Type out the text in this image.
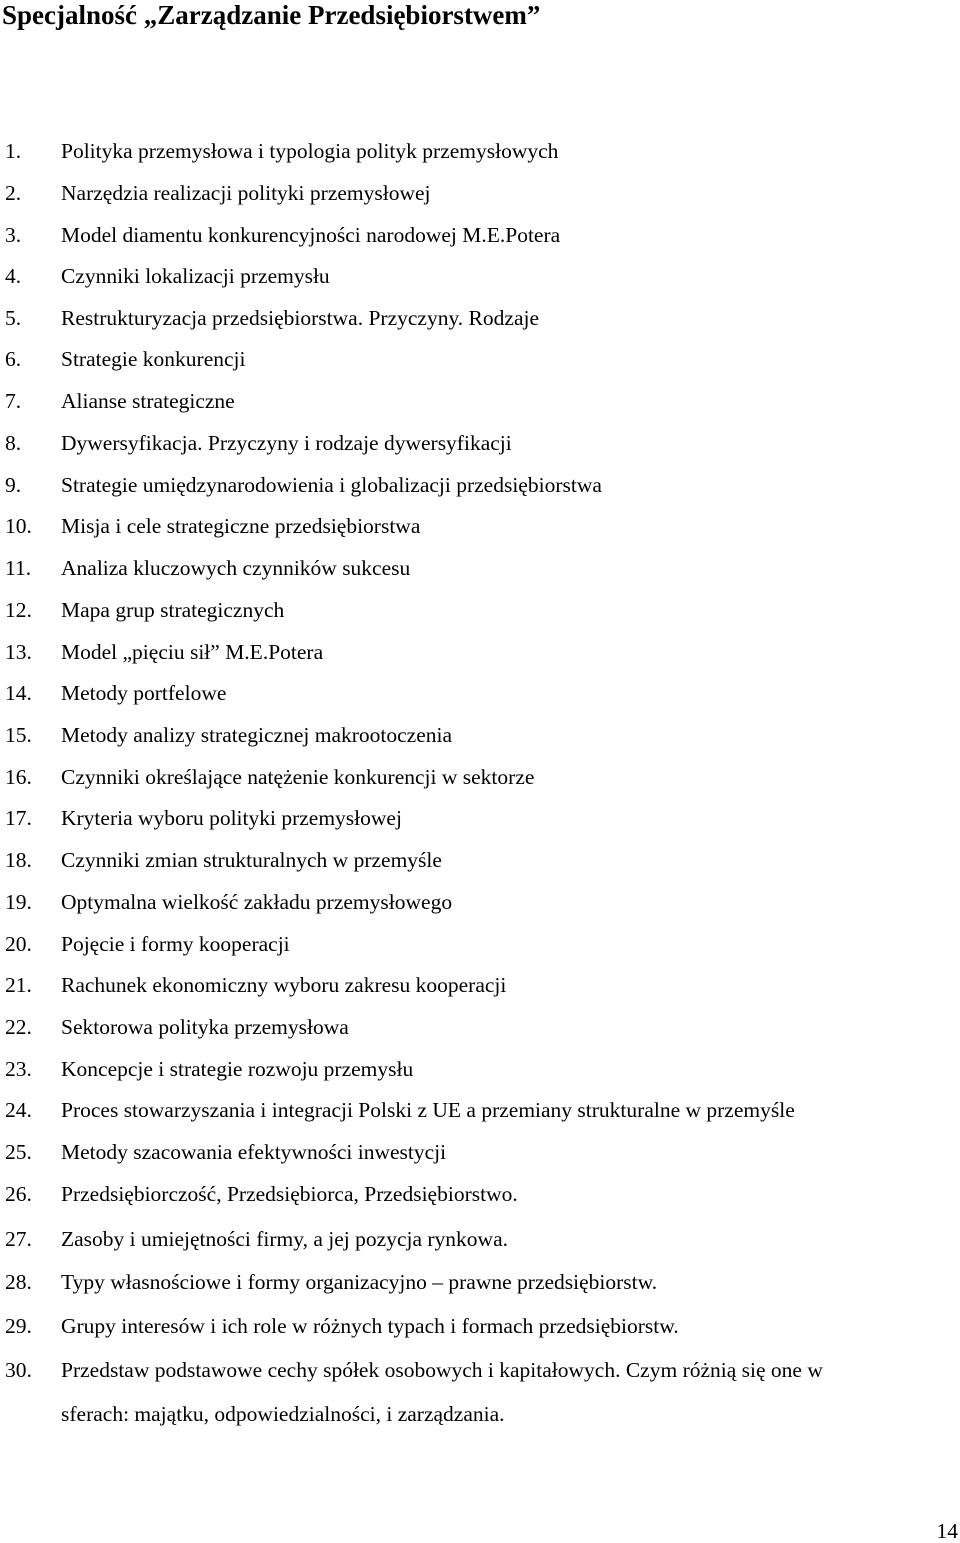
Specjalność „Zarządzanie Przedsiębiorstwem”
1. Polityka przemysłowa i typologia polityk przemysłowych
2. Narzędzia realizacji polityki przemysłowej
3. Model diamentu konkurencyjności narodowej M.E.Potera
4. Czynniki lokalizacji przemysłu
5. Restrukturyzacja przedsiębiorstwa. Przyczyny. Rodzaje
6. Strategie konkurencji
7. Alianse strategiczne
8. Dywersyfikacja. Przyczyny i rodzaje dywersyfikacji
9. Strategie umiędzynarodowienia i globalizacji przedsiębiorstwa
10. Misja i cele strategiczne przedsiębiorstwa
11. Analiza kluczowych czynników sukcesu
12. Mapa grup strategicznych
13. Model „pięciu sił” M.E.Potera
14. Metody portfelowe
15. Metody analizy strategicznej makrootoczenia
16. Czynniki określające natężenie konkurencji w sektorze
17. Kryteria wyboru polityki przemysłowej
18. Czynniki zmian strukturalnych w przemyśle
19. Optymalna wielkość zakładu przemysłowego
20. Pojęcie i formy kooperacji
21. Rachunek ekonomiczny wyboru zakresu kooperacji
22. Sektorowa polityka przemysłowa
23. Koncepcje i strategie rozwoju przemysłu
24. Proces stowarzyszania i integracji Polski z UE a przemiany strukturalne w przemyśle
25. Metody szacowania efektywności inwestycji
26. Przedsiębiorczość, Przedsiębiorca, Przedsiębiorstwo.
27. Zasoby i umiejętności firmy, a jej pozycja rynkowa.
28. Typy własnościowe i formy organizacyjno – prawne przedsiębiorstw.
29. Grupy interesów i ich role w różnych typach i formach przedsiębiorstw.
30. Przedstaw podstawowe cechy spółek osobowych i kapitałowych. Czym różnią się one w
sferach: majątku, odpowiedzialności, i zarządzania.
14
